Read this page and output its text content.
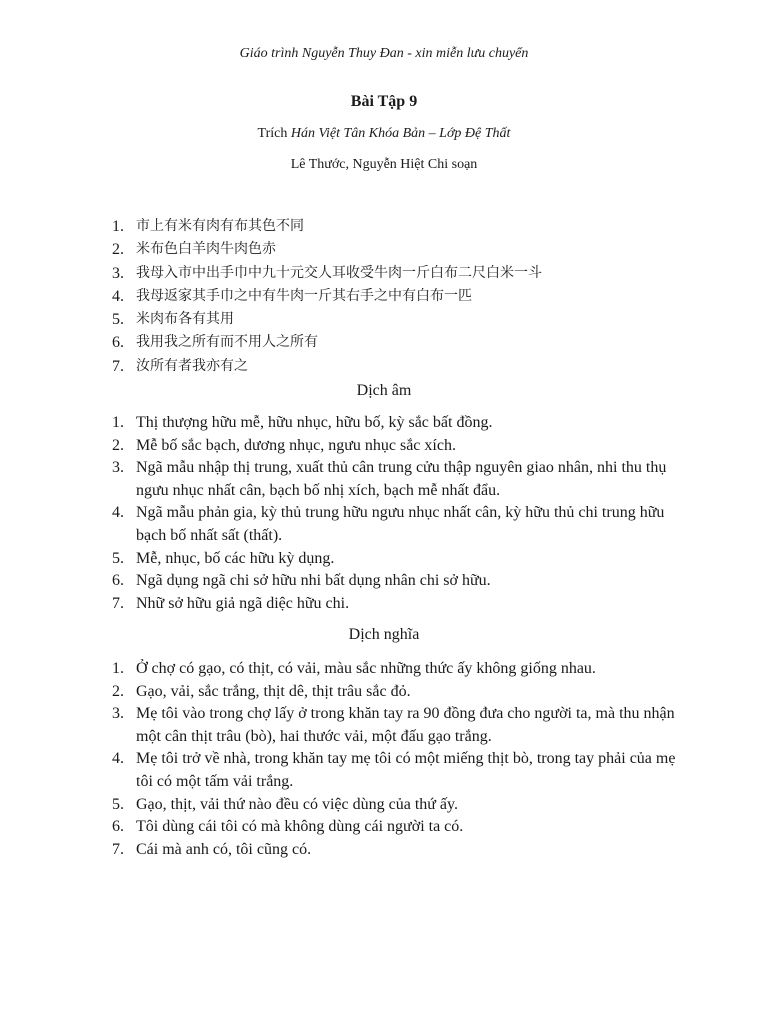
Giáo trình Nguyễn Thuy Đan - xin miễn lưu chuyển
Bài Tập 9
Trích Hán Việt Tân Khóa Bản – Lớp Đệ Thất
Lê Thước, Nguyễn Hiệt Chi soạn
1. 市上有米有肉有布其色不同
2. 米布色白羊肉牛肉色赤
3. 我母入市中出手巾中九十元交人耳收受牛肉一斤白布二尺白米一斗
4. 我母返家其手巾之中有牛肉一斤其右手之中有白布一匹
5. 米肉布各有其用
6. 我用我之所有而不用人之所有
7. 汝所有者我亦有之
Dịch âm
1. Thị thượng hữu mễ, hữu nhục, hữu bố, kỳ sắc bất đồng.
2. Mễ bố sắc bạch, dương nhục, ngưu nhục sắc xích.
3. Ngã mẫu nhập thị trung, xuất thủ cân trung cửu thập nguyên giao nhân, nhi thu thụ ngưu nhục nhất cân, bạch bố nhị xích, bạch mễ nhất đẩu.
4. Ngã mẫu phản gia, kỳ thủ trung hữu ngưu nhục nhất cân, kỳ hữu thủ chi trung hữu bạch bố nhất sất (thất).
5. Mễ, nhục, bố các hữu kỳ dụng.
6. Ngã dụng ngã chi sở hữu nhi bất dụng nhân chi sở hữu.
7. Nhữ sở hữu giả ngã diệc hữu chi.
Dịch nghĩa
1. Ở chợ có gạo, có thịt, có vải, màu sắc những thức ấy không giống nhau.
2. Gạo, vải, sắc trắng, thịt dê, thịt trâu sắc đỏ.
3. Mẹ tôi vào trong chợ lấy ở trong khăn tay ra 90 đồng đưa cho người ta, mà thu nhận một cân thịt trâu (bò), hai thước vải, một đấu gạo trắng.
4. Mẹ tôi trở về nhà, trong khăn tay mẹ tôi có một miếng thịt bò, trong tay phải của mẹ tôi có một tấm vải trắng.
5. Gạo, thịt, vải thứ nào đều có việc dùng của thứ ấy.
6. Tôi dùng cái tôi có mà không dùng cái người ta có.
7. Cái mà anh có, tôi cũng có.
